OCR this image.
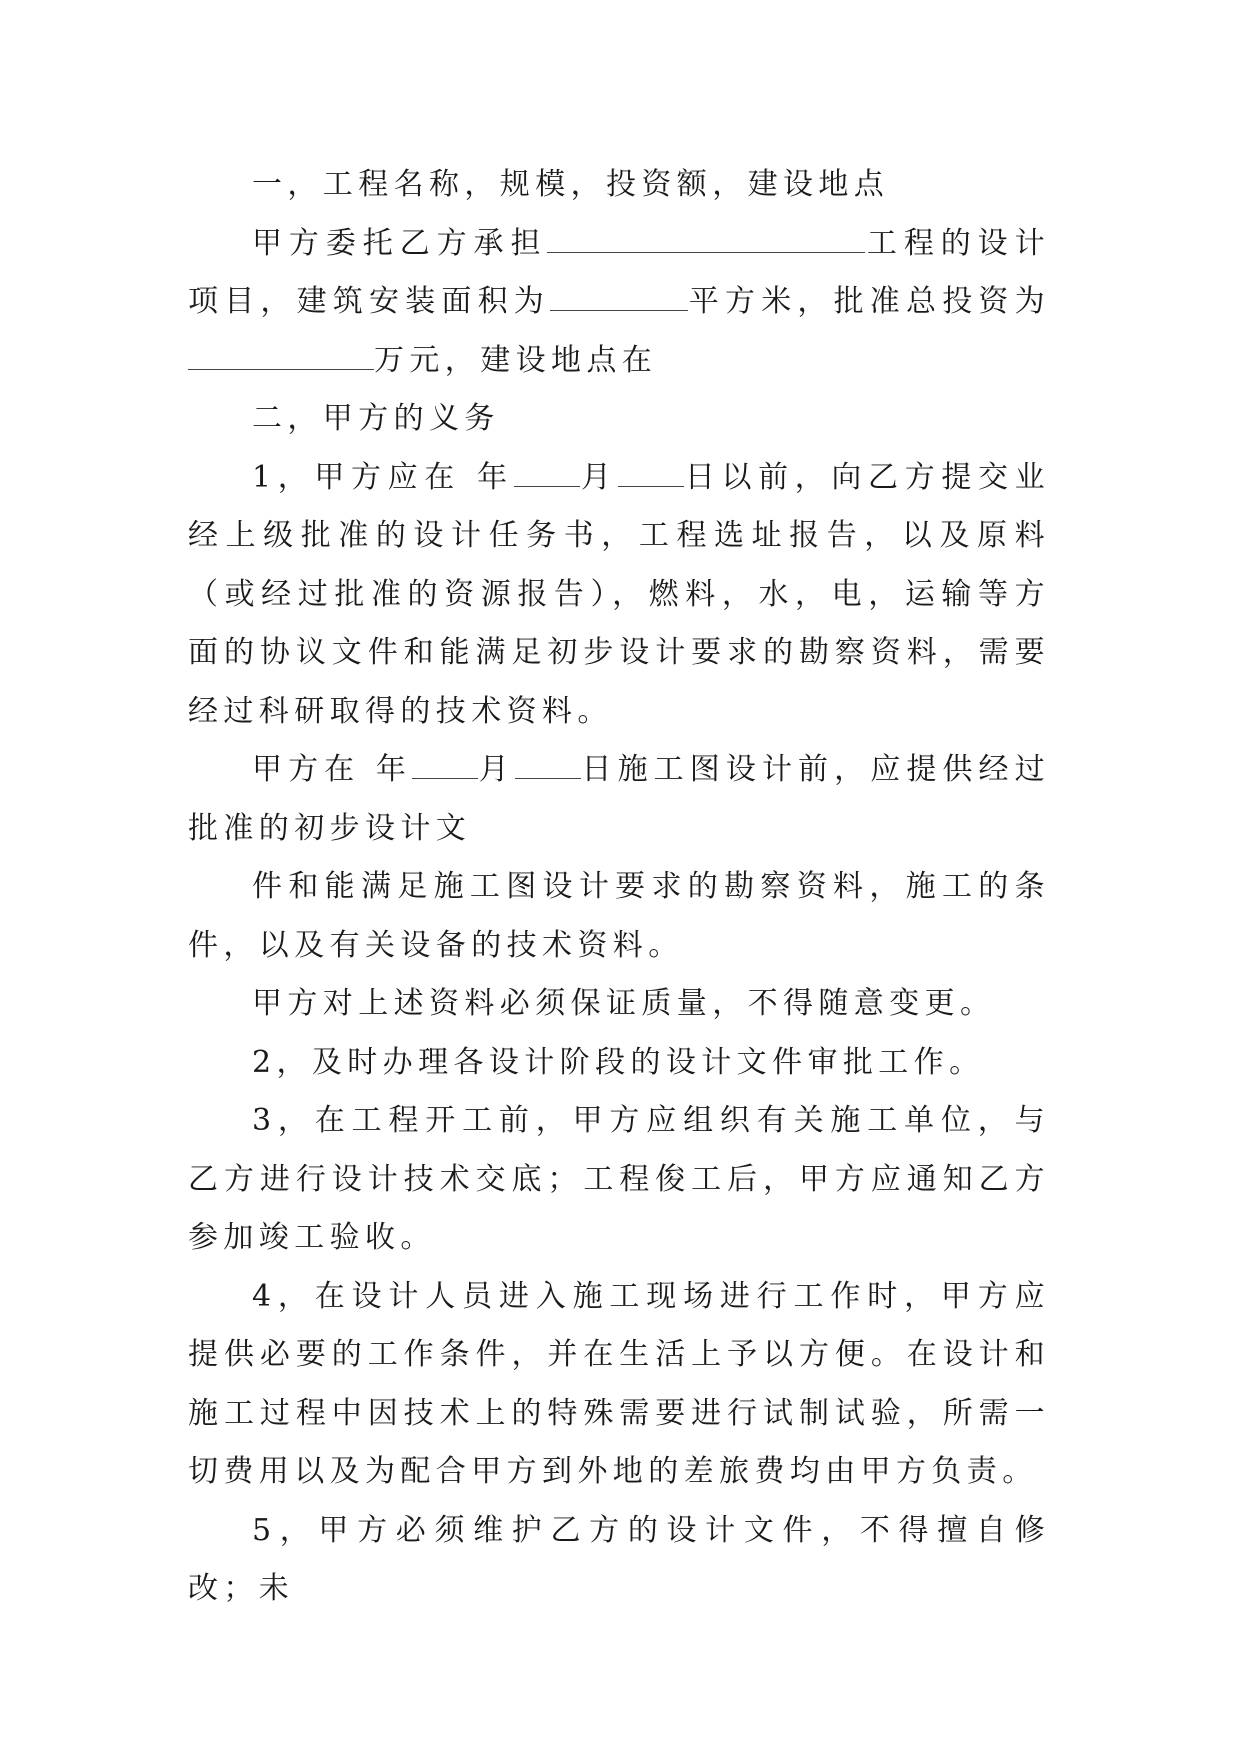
一，工程名称，规模，投资额，建设地点

甲方委托乙方承担	工程的设计项目，建筑安装面积为	平方米，批准总投资为万元，建设地点在

二，甲方的义务

1，甲方应在 年 月 日以前，向乙方提交业经上级批准的设计任务书，工程选址报告，以及原料（或经过批准的资源报告），燃料，水，电，运输等方面的协议文件和能满足初步设计要求的勘察资料，需要经过科研取得的技术资料。

甲方在 年 月 日施工图设计前，应提供经过批准的初步设计文

件和能满足施工图设计要求的勘察资料，施工的条件，以及有关设备的技术资料。

甲方对上述资料必须保证质量，不得随意变更。

2，及时办理各设计阶段的设计文件审批工作。

3，在工程开工前，甲方应组织有关施工单位，与乙方进行设计技术交底；工程俊工后，甲方应通知乙方参加竣工验收。

4，在设计人员进入施工现场进行工作时，甲方应提供必要的工作条件，并在生活上予以方便。在设计和施工过程中因技术上的特殊需要进行试制试验，所需一切费用以及为配合甲方到外地的差旅费均由甲方负责。

5，甲方必须维护乙方的设计文件，不得擅自修改；未
